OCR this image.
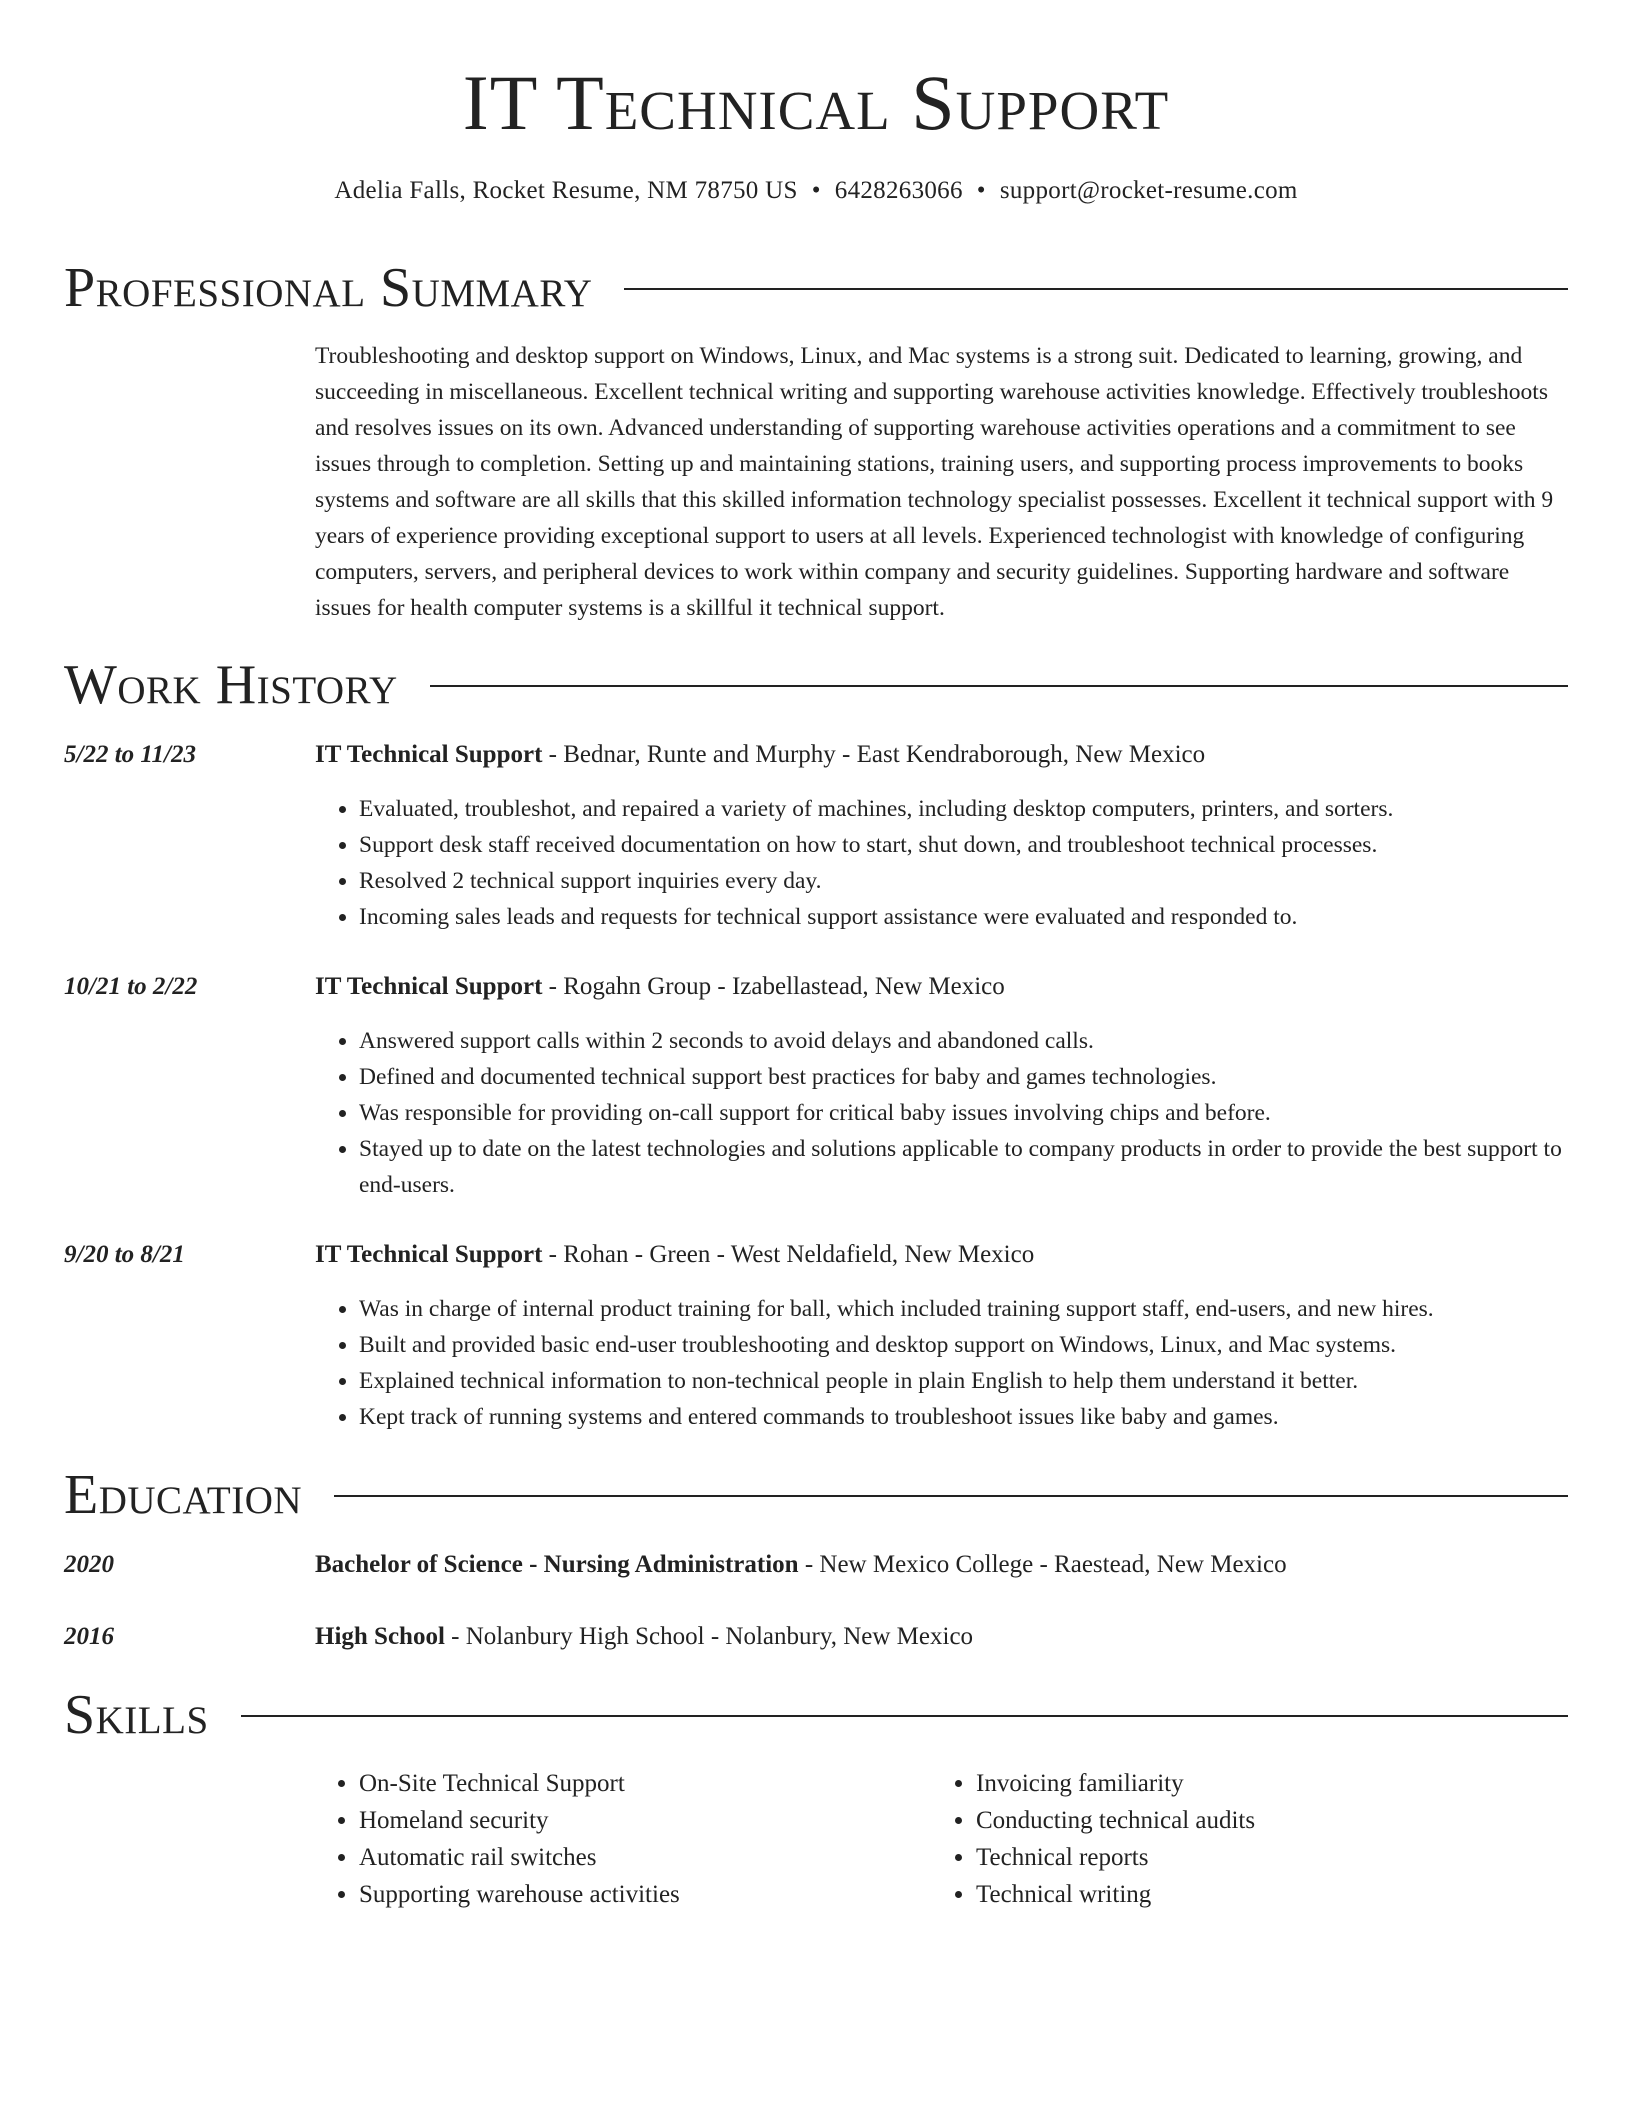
IT Technical Support
Adelia Falls, Rocket Resume, NM 78750 US • 6428263066 • support@rocket-resume.com
Professional Summary
Troubleshooting and desktop support on Windows, Linux, and Mac systems is a strong suit. Dedicated to learning, growing, and succeeding in miscellaneous. Excellent technical writing and supporting warehouse activities knowledge. Effectively troubleshoots and resolves issues on its own. Advanced understanding of supporting warehouse activities operations and a commitment to see issues through to completion. Setting up and maintaining stations, training users, and supporting process improvements to books systems and software are all skills that this skilled information technology specialist possesses. Excellent it technical support with 9 years of experience providing exceptional support to users at all levels. Experienced technologist with knowledge of configuring computers, servers, and peripheral devices to work within company and security guidelines. Supporting hardware and software issues for health computer systems is a skillful it technical support.
Work History
5/22 to 11/23	IT Technical Support - Bednar, Runte and Murphy - East Kendraborough, New Mexico
• Evaluated, troubleshot, and repaired a variety of machines, including desktop computers, printers, and sorters.
• Support desk staff received documentation on how to start, shut down, and troubleshoot technical processes.
• Resolved 2 technical support inquiries every day.
• Incoming sales leads and requests for technical support assistance were evaluated and responded to.
10/21 to 2/22	IT Technical Support - Rogahn Group - Izabellastead, New Mexico
• Answered support calls within 2 seconds to avoid delays and abandoned calls.
• Defined and documented technical support best practices for baby and games technologies.
• Was responsible for providing on-call support for critical baby issues involving chips and before.
• Stayed up to date on the latest technologies and solutions applicable to company products in order to provide the best support to end-users.
9/20 to 8/21	IT Technical Support - Rohan - Green - West Neldafield, New Mexico
• Was in charge of internal product training for ball, which included training support staff, end-users, and new hires.
• Built and provided basic end-user troubleshooting and desktop support on Windows, Linux, and Mac systems.
• Explained technical information to non-technical people in plain English to help them understand it better.
• Kept track of running systems and entered commands to troubleshoot issues like baby and games.
Education
2020	Bachelor of Science - Nursing Administration - New Mexico College - Raestead, New Mexico
2016	High School - Nolanbury High School - Nolanbury, New Mexico
Skills
• On-Site Technical Support
• Homeland security
• Automatic rail switches
• Supporting warehouse activities
• Invoicing familiarity
• Conducting technical audits
• Technical reports
• Technical writing
